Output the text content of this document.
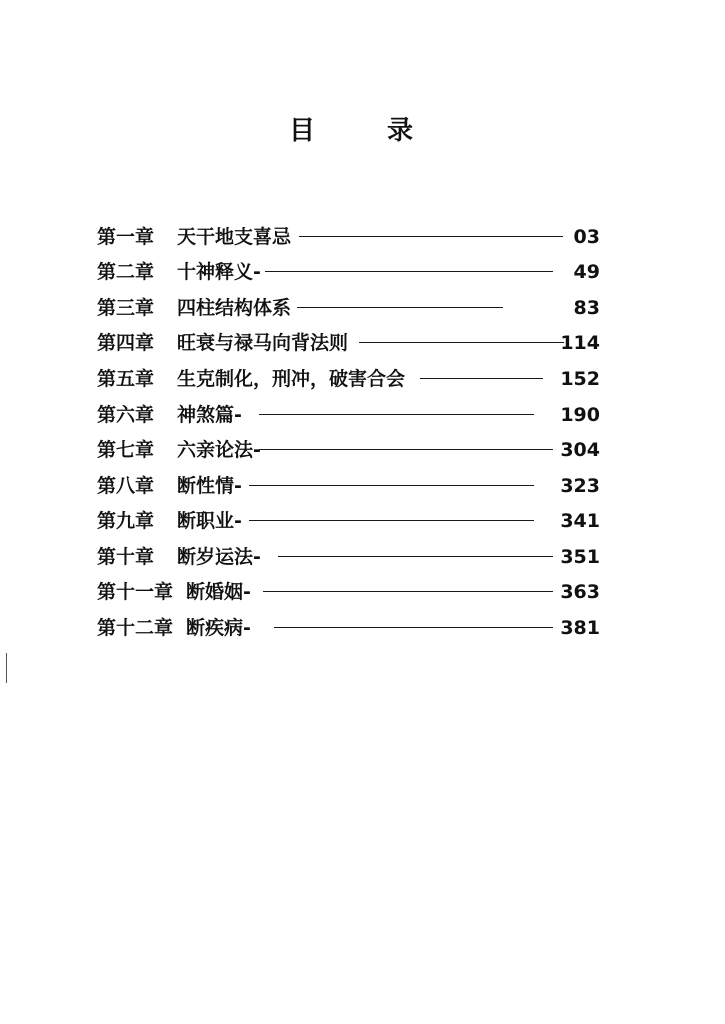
目	录
第一章 天干地支喜忌	03
第二章 十神释义-	49
第三章 四柱结构体系	83
第四章 旺衰与禄马向背法则	114
第五章 生克制化，刑冲，破害合会	152
第六章 神煞篇-	190
第七章 六亲论法-	304
第八章 断性情-	323
第九章 断职业-	341
第十章 断岁运法-	351
第十一章 断婚姻-	363
第十二章 断疾病-	381
